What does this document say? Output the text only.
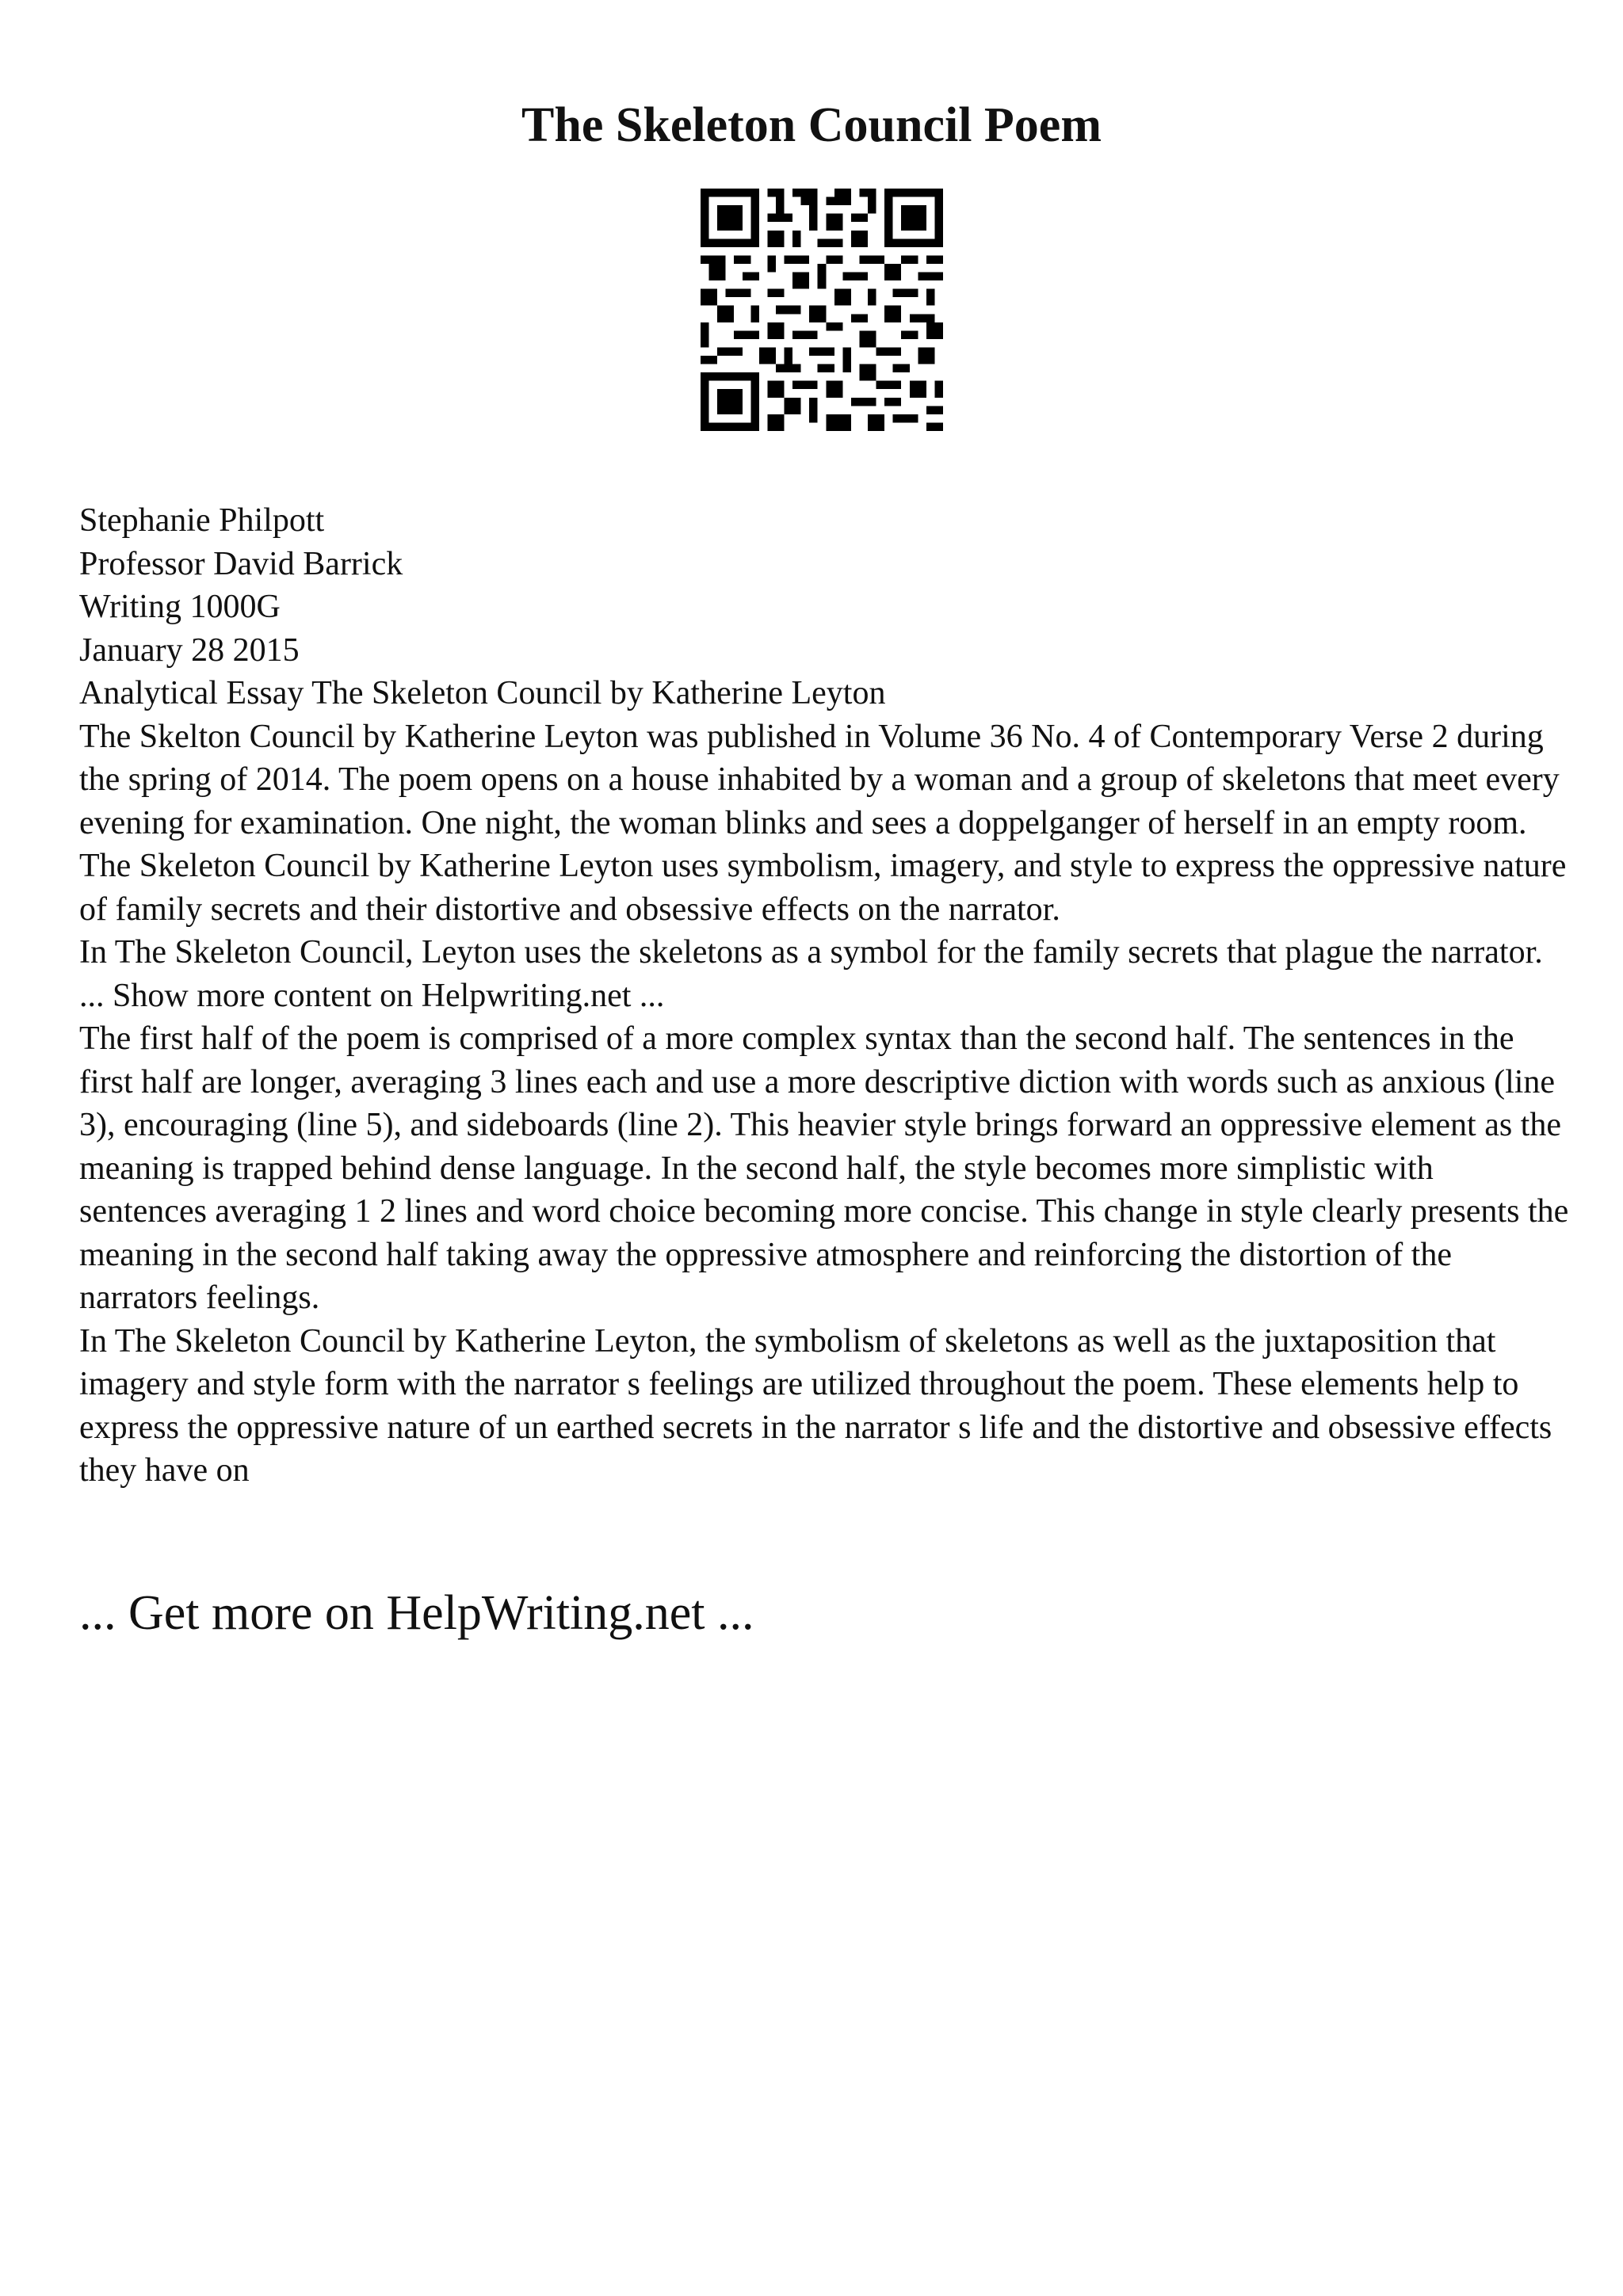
The Skeleton Council Poem
Stephanie Philpott
Professor David Barrick
Writing 1000G
January 28 2015
Analytical Essay The Skeleton Council by Katherine Leyton
The Skelton Council by Katherine Leyton was published in Volume 36 No. 4 of Contemporary Verse 2 during the spring of 2014. The poem opens on a house inhabited by a woman and a group of skeletons that meet every evening for examination. One night, the woman blinks and sees a doppelganger of herself in an empty room. The Skeleton Council by Katherine Leyton uses symbolism, imagery, and style to express the oppressive nature of family secrets and their distortive and obsessive effects on the narrator.
In The Skeleton Council, Leyton uses the skeletons as a symbol for the family secrets that plague the narrator. ... Show more content on Helpwriting.net ...
The first half of the poem is comprised of a more complex syntax than the second half. The sentences in the first half are longer, averaging 3 lines each and use a more descriptive diction with words such as anxious (line 3), encouraging (line 5), and sideboards (line 2). This heavier style brings forward an oppressive element as the meaning is trapped behind dense language. In the second half, the style becomes more simplistic with sentences averaging 1 2 lines and word choice becoming more concise. This change in style clearly presents the meaning in the second half taking away the oppressive atmosphere and reinforcing the distortion of the narrators feelings.
In The Skeleton Council by Katherine Leyton, the symbolism of skeletons as well as the juxtaposition that imagery and style form with the narrator s feelings are utilized throughout the poem. These elements help to express the oppressive nature of un earthed secrets in the narrator s life and the distortive and obsessive effects they have on
... Get more on HelpWriting.net ...
